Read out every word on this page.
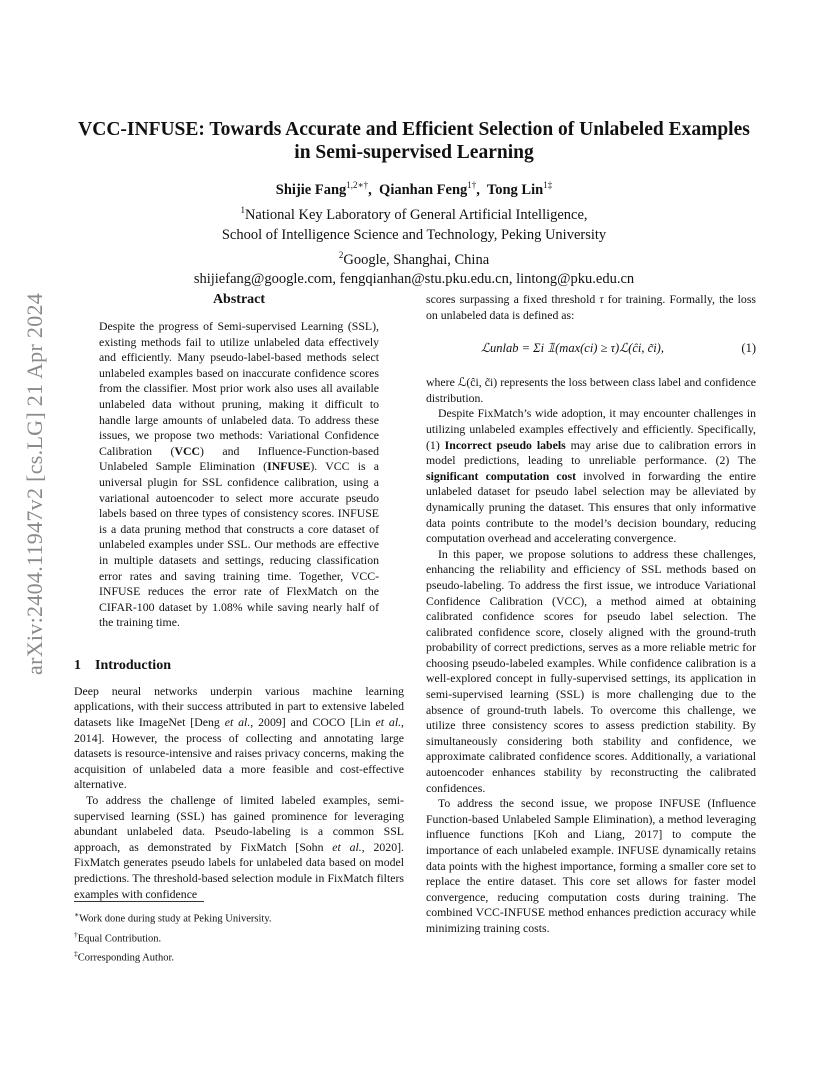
arXiv:2404.11947v2 [cs.LG] 21 Apr 2024
VCC-INFUSE: Towards Accurate and Efficient Selection of Unlabeled Examples
in Semi-supervised Learning
Shijie Fang$^{1,2∗\dagger}$,  Qianhan Feng$^{1\dagger}$,  Tong Lin$^{1\ddagger}$
$^1$National Key Laboratory of General Artificial Intelligence,
School of Intelligence Science and Technology, Peking University
$^2$Google, Shanghai, China
shijiefang@google.com, fengqianhan@stu.pku.edu.cn, lintong@pku.edu.cn
Abstract

Despite the progress of Semi-supervised Learning (SSL), existing methods fail to utilize unlabeled data effectively and efficiently. Many pseudo-label-based methods select unlabeled examples based on inaccurate confidence scores from the classifier. Most prior work also uses all available unlabeled data without pruning, making it difficult to handle large amounts of unlabeled data. To address these issues, we propose two methods: Variational Confidence Calibration (VCC) and Influence-Function-based Unlabeled Sample Elimination (INFUSE). VCC is a universal plugin for SSL confidence calibration, using a variational autoencoder to select more accurate pseudo labels based on three types of consistency scores. INFUSE is a data pruning method that constructs a core dataset of unlabeled examples under SSL. Our methods are effective in multiple datasets and settings, reducing classification error rates and saving training time. Together, VCC-INFUSE reduces the error rate of FlexMatch on the CIFAR-100 dataset by 1.08% while saving nearly half of the training time.

1 Introduction

Deep neural networks underpin various machine learning applications, with their success attributed in part to extensive labeled datasets like ImageNet [Deng et al., 2009] and COCO [Lin et al., 2014]. However, the process of collecting and annotating large datasets is resource-intensive and raises privacy concerns, making the acquisition of unlabeled data a more feasible and cost-effective alternative.

To address the challenge of limited labeled examples, semi-supervised learning (SSL) has gained prominence for leveraging abundant unlabeled data. Pseudo-labeling is a common SSL approach, as demonstrated by FixMatch [Sohn et al., 2020]. FixMatch generates pseudo labels for unlabeled data based on model predictions. The threshold-based selection module in FixMatch filters examples with confidence

∗Work done during study at Peking University.
†Equal Contribution.
‡Corresponding Author.

scores surpassing a fixed threshold τ for training. Formally, the loss on unlabeled data is defined as:

ℒunlab = Σi 𝟙(max(ci) ≥ τ)ℒ(ĉi, c̃i),	(1)

where ℒ(ĉi, c̃i) represents the loss between class label and confidence distribution.

Despite FixMatch’s wide adoption, it may encounter challenges in utilizing unlabeled examples effectively and efficiently. Specifically, (1) Incorrect pseudo labels may arise due to calibration errors in model predictions, leading to unreliable performance. (2) The significant computation cost involved in forwarding the entire unlabeled dataset for pseudo label selection may be alleviated by dynamically pruning the dataset. This ensures that only informative data points contribute to the model’s decision boundary, reducing computation overhead and accelerating convergence.

In this paper, we propose solutions to address these challenges, enhancing the reliability and efficiency of SSL methods based on pseudo-labeling. To address the first issue, we introduce Variational Confidence Calibration (VCC), a method aimed at obtaining calibrated confidence scores for pseudo label selection. The calibrated confidence score, closely aligned with the ground-truth probability of correct predictions, serves as a more reliable metric for choosing pseudo-labeled examples. While confidence calibration is a well-explored concept in fully-supervised settings, its application in semi-supervised learning (SSL) is more challenging due to the absence of ground-truth labels. To overcome this challenge, we utilize three consistency scores to assess prediction stability. By simultaneously considering both stability and confidence, we approximate calibrated confidence scores. Additionally, a variational autoencoder enhances stability by reconstructing the calibrated confidences.

To address the second issue, we propose INFUSE (Influence Function-based Unlabeled Sample Elimination), a method leveraging influence functions [Koh and Liang, 2017] to compute the importance of each unlabeled example. INFUSE dynamically retains data points with the highest importance, forming a smaller core set to replace the entire dataset. This core set allows for faster model convergence, reducing computation costs during training. The combined VCC-INFUSE method enhances prediction accuracy while minimizing training costs.
